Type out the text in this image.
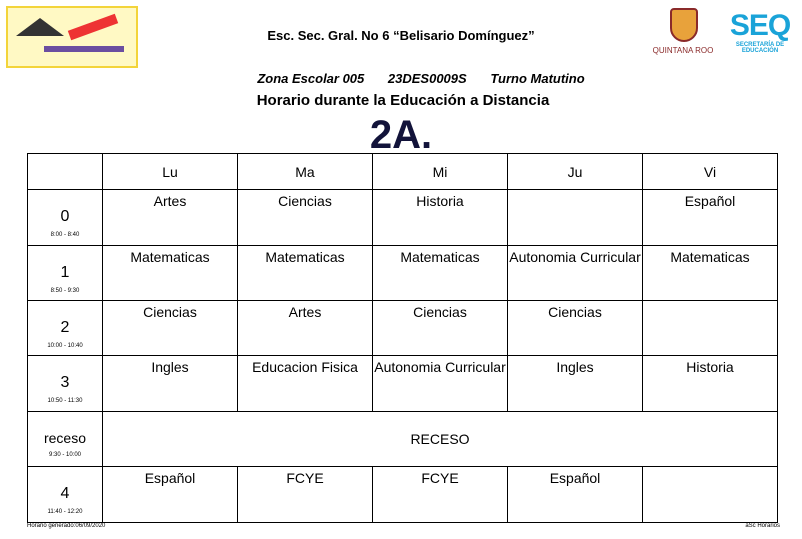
Esc. Sec. Gral. No 6 “Belisario Domínguez”
QUINTANA ROO
SEQ
SECRETARÍA DE EDUCACIÓN
Zona Escolar 005 23DES0009S Turno Matutino
Horario durante la Educación a Distancia
2A.
	Lu	Ma	Mi	Ju	Vi

0
8:00 - 8:40	Artes	Ciencias	Historia		Español

1
8:50 - 9:30	Matematicas	Matematicas	Matematicas	Autonomia Curricular	Matematicas

2
10:00 - 10:40	Ciencias	Artes	Ciencias	Ciencias	

3
10:50 - 11:30	Ingles	Educacion Fisica	Autonomia Curricular	Ingles	Historia

receso
9:30 - 10:00	RECESO				

4
11:40 - 12:20	Español	FCYE	FCYE	Español	
Horario generado:06/09/2020	aSc Horarios
